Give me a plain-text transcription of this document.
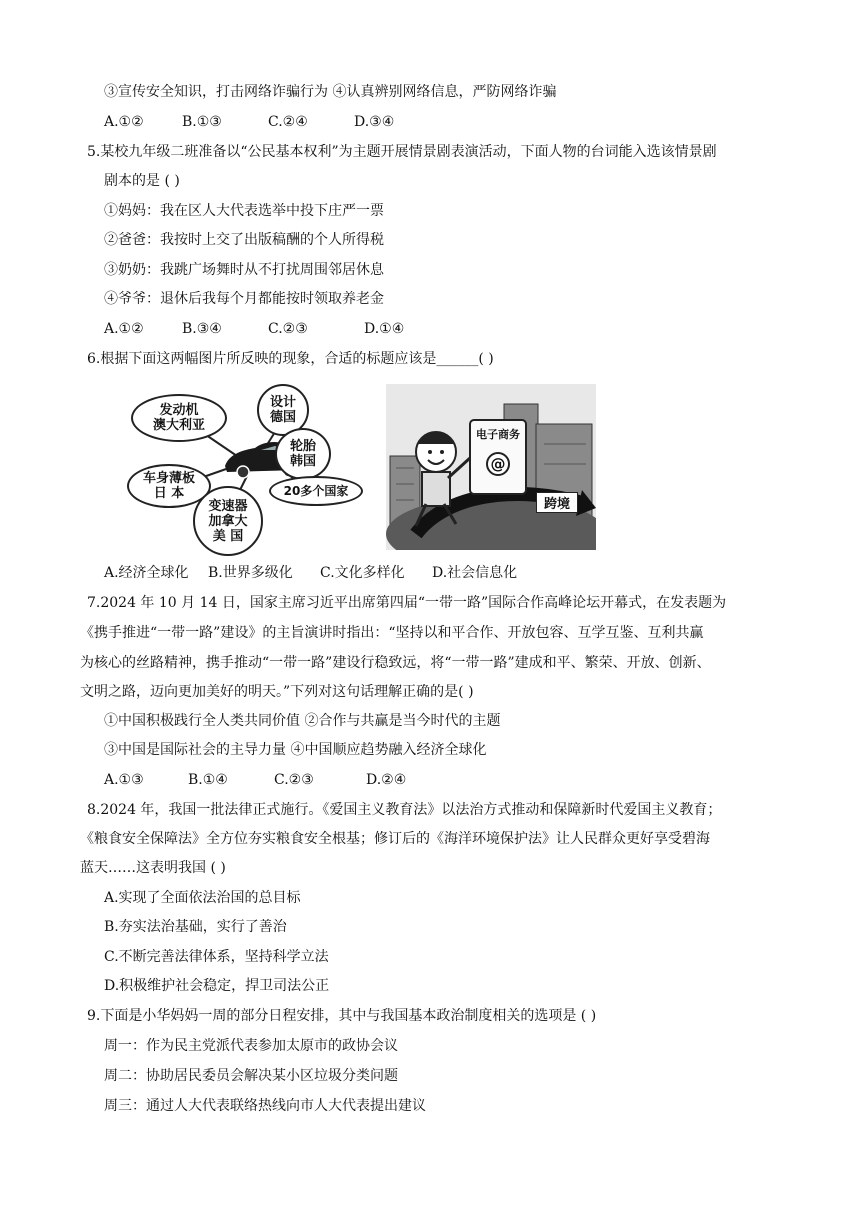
③宣传安全知识，打击网络诈骗行为 ④认真辨别网络信息，严防网络诈骗
A.①②	B.①③	C.②④	D.③④
5.某校九年级二班准备以“公民基本权利”为主题开展情景剧表演活动，下面人物的台词能入选该情景剧
剧本的是 ( )
①妈妈：我在区人大代表选举中投下庄严一票
②爸爸：我按时上交了出版稿酬的个人所得税
③奶奶：我跳广场舞时从不打扰周围邻居休息
④爷爷：退休后我每个月都能按时领取养老金
A.①②	B.③④	C.②③	D.①④
6.根据下面这两幅图片所反映的现象，合适的标题应该是______( )
发动机
澳大利亚
设计
德国
轮胎
韩国
车身薄板
日 本
变速器
加拿大
美 国
20多个国家
电子商务
@
跨境
A.经济全球化 B.世界多级化 C.文化多样化 D.社会信息化
7.2024 年 10 月 14 日，国家主席习近平出席第四届“一带一路”国际合作高峰论坛开幕式，在发表题为
《携手推进“一带一路”建设》的主旨演讲时指出：“坚持以和平合作、开放包容、互学互鉴、互利共赢
为核心的丝路精神，携手推动“一带一路”建设行稳致远，将“一带一路”建成和平、繁荣、开放、创新、
文明之路，迈向更加美好的明天。”下列对这句话理解正确的是( )
①中国积极践行全人类共同价值 ②合作与共赢是当今时代的主题
③中国是国际社会的主导力量 ④中国顺应趋势融入经济全球化
A.①③	B.①④	C.②③	D.②④
8.2024 年，我国一批法律正式施行。《爱国主义教育法》以法治方式推动和保障新时代爱国主义教育；
《粮食安全保障法》全方位夯实粮食安全根基；修订后的《海洋环境保护法》让人民群众更好享受碧海
蓝天……这表明我国 ( )
A.实现了全面依法治国的总目标
B.夯实法治基础，实行了善治
C.不断完善法律体系，坚持科学立法
D.积极维护社会稳定，捍卫司法公正
9.下面是小华妈妈一周的部分日程安排，其中与我国基本政治制度相关的选项是 ( )
周一：作为民主党派代表参加太原市的政协会议
周二：协助居民委员会解决某小区垃圾分类问题
周三：通过人大代表联络热线向市人大代表提出建议
